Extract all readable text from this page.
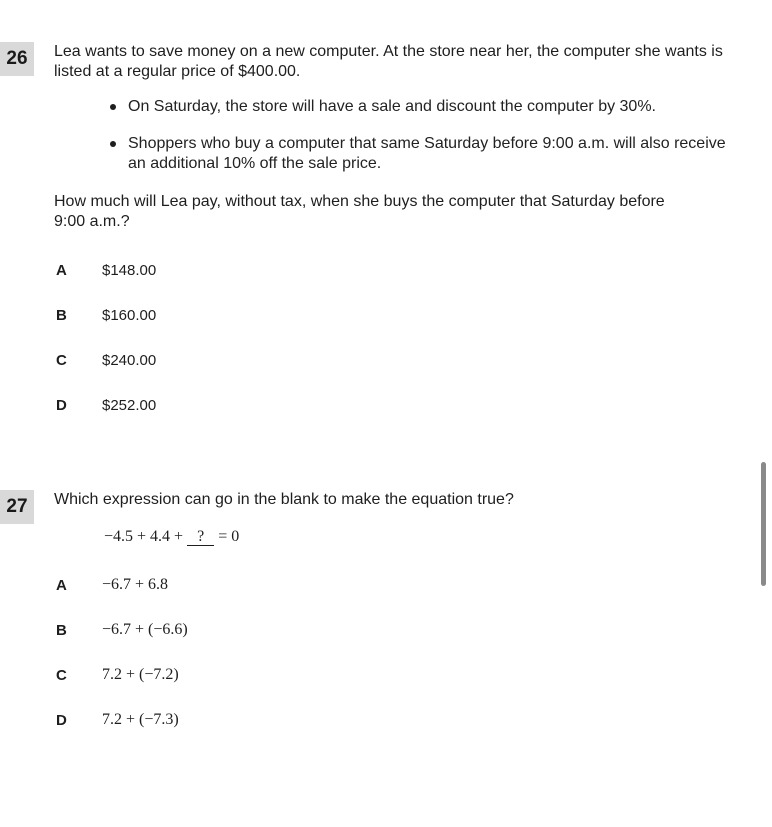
26	Lea wants to save money on a new computer. At the store near her, the computer she wants is listed at a regular price of $400.00.
On Saturday, the store will have a sale and discount the computer by 30%.
Shoppers who buy a computer that same Saturday before 9:00 a.m. will also receive an additional 10% off the sale price.
How much will Lea pay, without tax, when she buys the computer that Saturday before 9:00 a.m.?
A	$148.00
B	$160.00
C	$240.00
D	$252.00
27	Which expression can go in the blank to make the equation true?
−4.5 + 4.4 + ? = 0
A	−6.7 + 6.8
B	−6.7 + (−6.6)
C	7.2 + (−7.2)
D	7.2 + (−7.3)
